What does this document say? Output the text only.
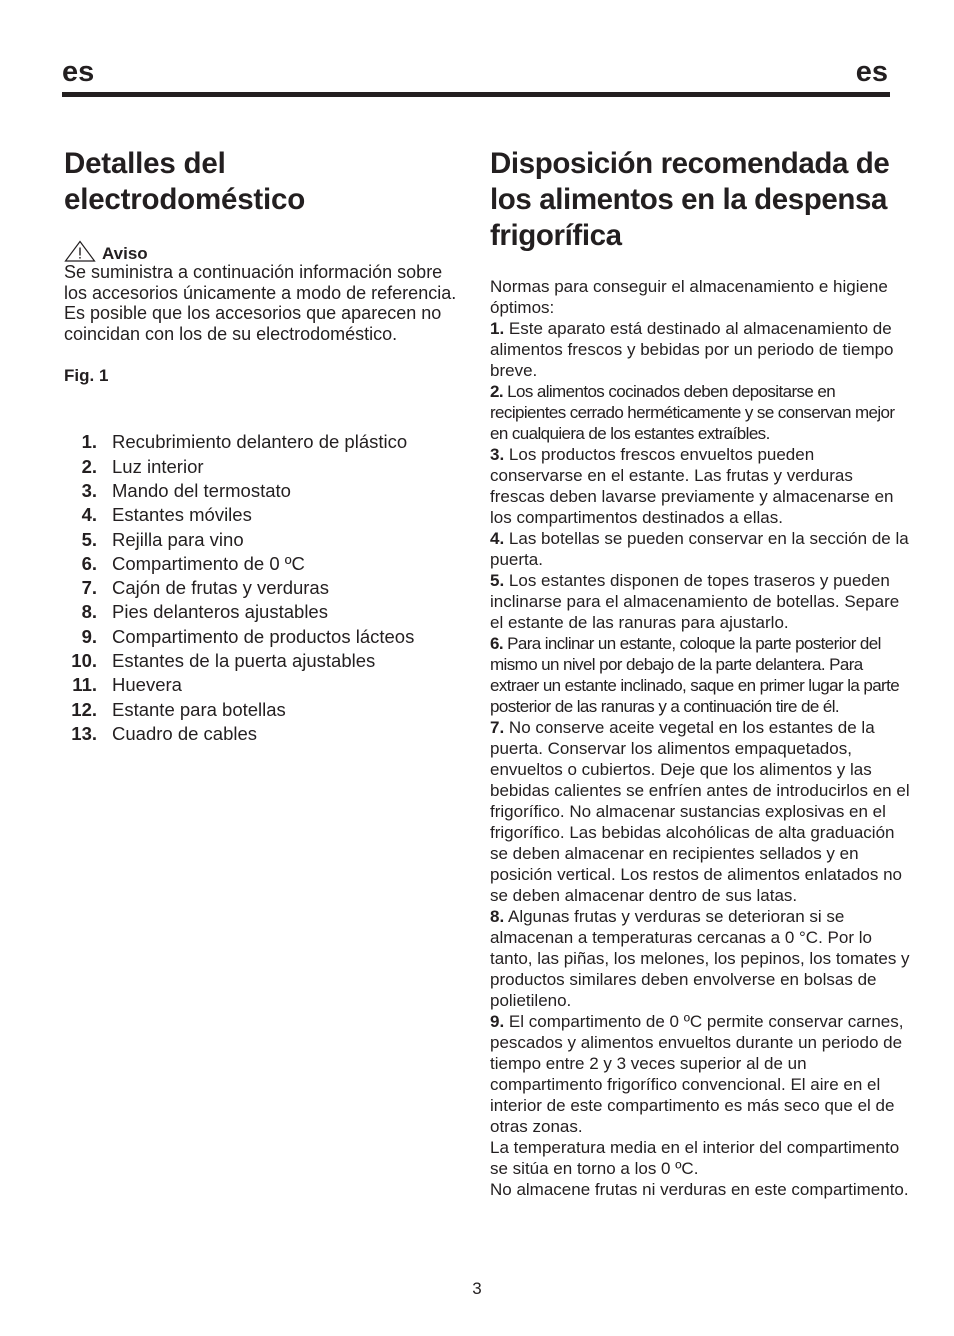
es	es
Detalles del
electrodoméstico
Aviso

Se suministra a continuación información sobre los accesorios únicamente a modo de referencia. Es posible que los accesorios que aparecen no coincidan con los de su electrodoméstico.

Fig. 1
1. Recubrimiento delantero de plástico
2. Luz interior
3. Mando del termostato
4. Estantes móviles
5. Rejilla para vino
6. Compartimento de 0 ºC
7. Cajón de frutas y verduras
8. Pies delanteros ajustables
9. Compartimento de productos lácteos
10. Estantes de la puerta ajustables
11. Huevera
12. Estante para botellas
13. Cuadro de cables
Disposición recomendada de
los alimentos en la despensa
frigorífica
Normas para conseguir el almacenamiento e higiene óptimos:

1. Este aparato está destinado al almacenamiento de alimentos frescos y bebidas por un periodo de tiempo breve.

2. Los alimentos cocinados deben depositarse en recipientes cerrado herméticamente y se conservan mejor en cualquiera de los estantes extraíbles.

3. Los productos frescos envueltos pueden conservarse en el estante. Las frutas y verduras frescas deben lavarse previamente y almacenarse en los compartimentos destinados a ellas.

4. Las botellas se pueden conservar en la sección de la puerta.

5. Los estantes disponen de topes traseros y pueden inclinarse para el almacenamiento de botellas. Separe el estante de las ranuras para ajustarlo.

6. Para inclinar un estante, coloque la parte posterior del mismo un nivel por debajo de la parte delantera. Para extraer un estante inclinado, saque en primer lugar la parte posterior de las ranuras y a continuación tire de él.

7. No conserve aceite vegetal en los estantes de la puerta. Conservar los alimentos empaquetados, envueltos o cubiertos. Deje que los alimentos y las bebidas calientes se enfríen antes de introducirlos en el frigorífico. No almacenar sustancias explosivas en el frigorífico. Las bebidas alcohólicas de alta graduación se deben almacenar en recipientes sellados y en posición vertical. Los restos de alimentos enlatados no se deben almacenar dentro de sus latas.

8. Algunas frutas y verduras se deterioran si se almacenan a temperaturas cercanas a 0 °C. Por lo tanto, las piñas, los melones, los pepinos, los tomates y productos similares deben envolverse en bolsas de polietileno.

9. El compartimento de 0 ºC permite conservar carnes, pescados y alimentos envueltos durante un periodo de tiempo entre 2 y 3 veces superior al de un compartimento frigorífico convencional. El aire en el interior de este compartimento es más seco que el de otras zonas.

La temperatura media en el interior del compartimento se sitúa en torno a los 0 ºC.

No almacene frutas ni verduras en este compartimento.

3
